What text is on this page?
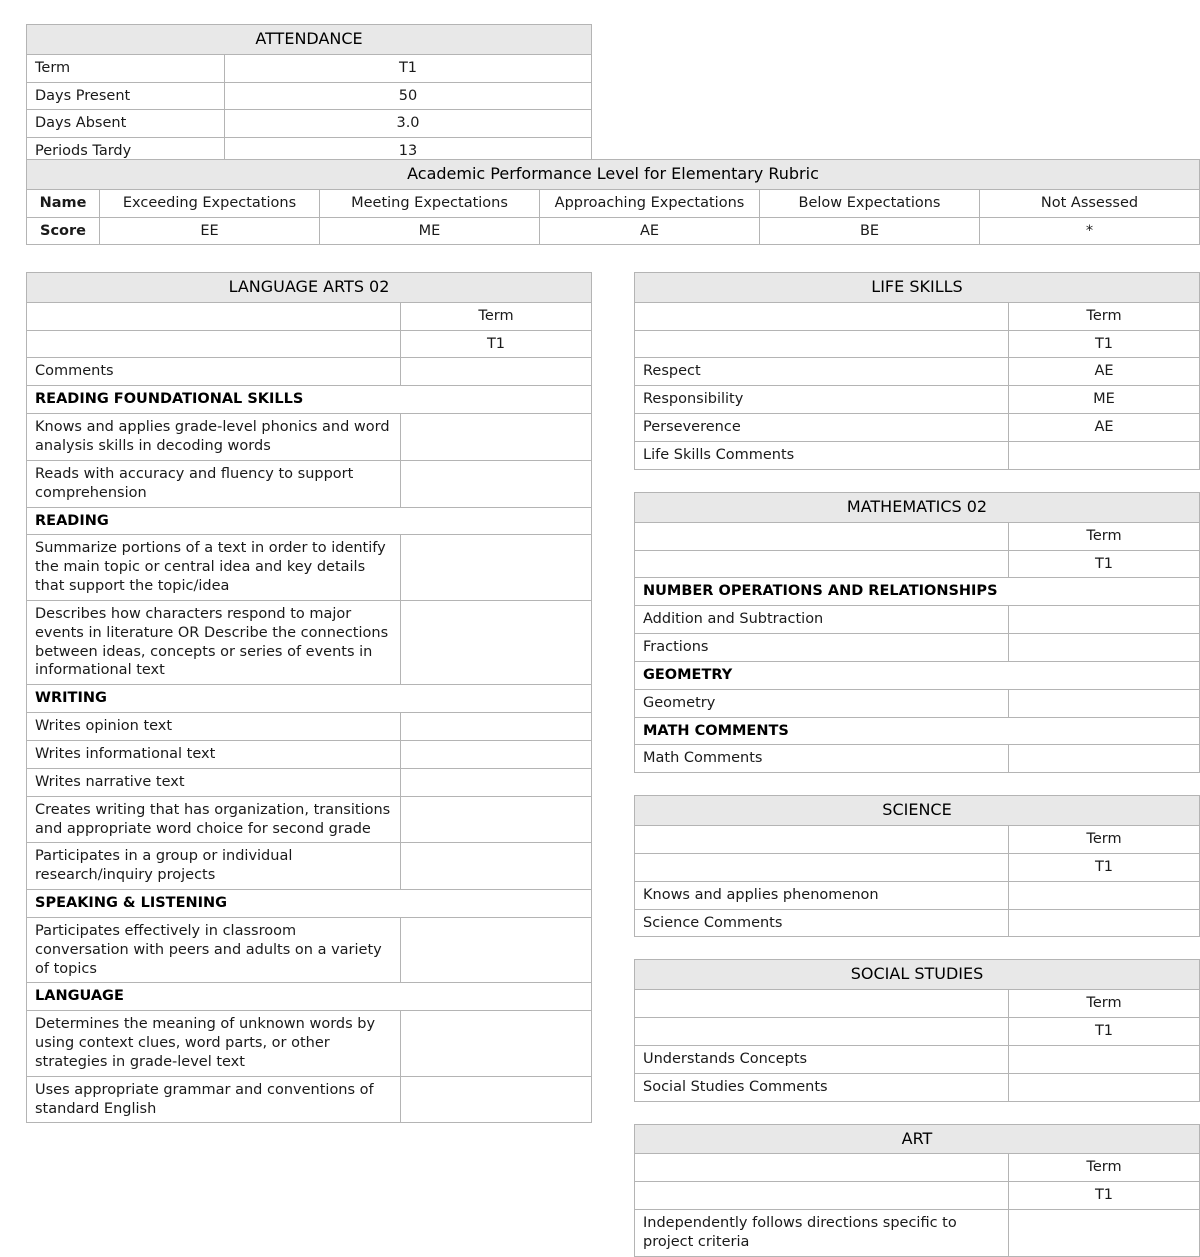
ATTENDANCE	
Term	T1
Days Present	50
Days Absent	3.0
Periods Tardy	13
Academic Performance Level for Elementary Rubric					
Name	Exceeding Expectations	Meeting Expectations	Approaching Expectations	Below Expectations	Not Assessed
Score	EE	ME	AE	BE	*
LANGUAGE ARTS 02	
	Term
	T1
Comments	
READING FOUNDATIONAL SKILLS	
Knows and applies grade-level phonics and word analysis skills in decoding words	
Reads with accuracy and fluency to support comprehension	
READING	
Summarize portions of a text in order to identify the main topic or central idea and key details that support the topic/idea	
Describes how characters respond to major events in literature OR Describe the connections between ideas, concepts or series of events in informational text	
WRITING	
Writes opinion text	
Writes informational text	
Writes narrative text	
Creates writing that has organization, transitions and appropriate word choice for second grade	
Participates in a group or individual research/inquiry projects	
SPEAKING & LISTENING	
Participates effectively in classroom conversation with peers and adults on a variety of topics	
LANGUAGE	
Determines the meaning of unknown words by using context clues, word parts, or other strategies in grade-level text	
Uses appropriate grammar and conventions of standard English	
LIFE SKILLS	
	Term
	T1
Respect	AE
Responsibility	ME
Perseverence	AE
Life Skills Comments	
MATHEMATICS 02	
	Term
	T1
NUMBER OPERATIONS AND RELATIONSHIPS	
Addition and Subtraction	
Fractions	
GEOMETRY	
Geometry	
MATH COMMENTS	
Math Comments	
SCIENCE	
	Term
	T1
Knows and applies phenomenon	
Science Comments	
SOCIAL STUDIES	
	Term
	T1
Understands Concepts	
Social Studies Comments	
ART	
	Term
	T1
Independently follows directions specific to project criteria	
